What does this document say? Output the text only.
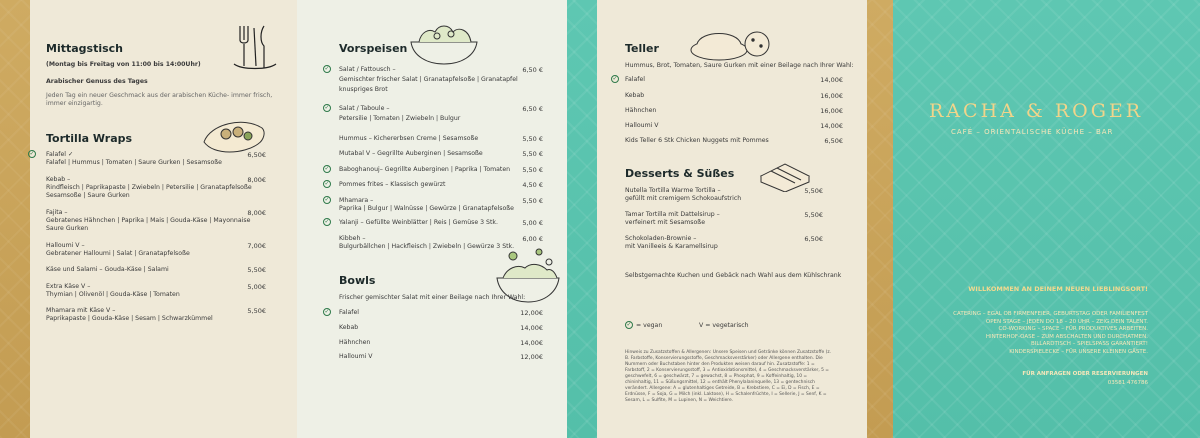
Mittagstisch
(Montag bis Freitag von 11:00 bis 14:00Uhr)
Arabischer Genuss des Tages
Jeden Tag ein neuer Geschmack aus der arabischen Küche- immer frisch,
immer einzigartig.
Tortilla Wraps
✓ Falafel ✓
Falafel | Hummus | Tomaten | Saure Gurken | Sesamsoße
6,50€
Kebab –
Rindfleisch | Paprikapaste | Zwiebeln | Petersilie | Granatapfelsoße
Sesamsoße | Saure Gurken
8,00€
Fajita –
Gebratenes Hähnchen | Paprika | Mais | Gouda-Käse | Mayonnaise
Saure Gurken
8,00€
Halloumi V –
Gebratener Halloumi | Salat | Granatapfelsoße
7,00€
Käse und Salami – Gouda-Käse | Salami	5,50€
Extra Käse V –
Thymian | Olivenöl | Gouda-Käse | Tomaten
5,00€
Mhamara mit Käse V –
Paprikapaste | Gouda-Käse | Sesam | Schwarzkümmel
5,50€
Vorspeisen
✓ Salat / Fattousch –
Gemischter frischer Salat | Granatapfelsoße | Granatapfel
knuspriges Brot
6,50 €
✓ Salat / Taboule –
Petersilie | Tomaten | Zwiebeln | Bulgur
6,50 €
Hummus – Kichererbsen Creme | Sesamsoße	5,50 €
Mutabal V – Gegrillte Auberginen | Sesamsoße	5,50 €
✓ Baboghanouj– Gegrillte Auberginen | Paprika | Tomaten	5,50 €
✓ Pommes frites – Klassisch gewürzt	4,50 €
✓ Mhamara –
Paprika | Bulgur | Walnüsse | Gewürze | Granatapfelsoße
5,50 €
✓ Yalanji – Gefüllte Weinblätter | Reis | Gemüse 3 Stk.	5,00 €
Kibbeh –
Bulgurbällchen | Hackfleisch | Zwiebeln | Gewürze 3 Stk.
6,00 €
Bowls
Frischer gemischter Salat mit einer Beilage nach Ihrer Wahl:
✓ Falafel	12,00€
Kebab	14,00€
Hähnchen	14,00€
Halloumi V	12,00€
Teller
Hummus, Brot, Tomaten, Saure Gurken mit einer Beilage nach Ihrer Wahl:
✓ Falafel	14,00€
Kebab	16,00€
Hähnchen	16,00€
Halloumi V	14,00€
Kids Teller 6 Stk Chicken Nuggets mit Pommes	6,50€
Desserts & Süßes
Nutella Tortilla Warme Tortilla –
gefüllt mit cremigem Schokoaufstrich
5,50€
Tamar Tortilla mit Dattelsirup –
verfeinert mit Sesamsoße
5,50€
Schokoladen-Brownie –
mit Vanilleeis & Karamellsirup
6,50€
Selbstgemachte Kuchen und Gebäck nach Wahl aus dem Kühlschrank
✓ = vegan	V = vegetarisch
Hinweis zu Zusatzstoffen & Allergenen: Unsere Speisen und Getränke können Zusatzstoffe (z. B. Farbstoffe, Konservierungsstoffe, Geschmacksverstärker) oder Allergene enthalten. Die Nummern oder Buchstaben hinter den Produkten weisen darauf hin. Zusatzstoffe: 1 = Farbstoff, 2 = Konservierungsstoff, 3 = Antioxidationsmittel, 4 = Geschmacksverstärker, 5 = geschwefelt, 6 = geschwärzt, 7 = gewachst, 8 = Phosphat, 9 = Koffeinhaltig, 10 = chininhaltig, 11 = Süßungsmittel, 12 = enthält Phenylalaninquelle, 13 = gentechnisch verändert. Allergene: A = glutenhaltiges Getreide, B = Krebstiere, C = Ei, D = Fisch, E = Erdnüsse, F = Soja, G = Milch (inkl. Laktose), H = Schalenfrüchte, I = Sellerie, J = Senf, K = Sesam, L = Sulfite, M = Lupinen, N = Weichtiere.
RACHA & ROGER
CAFÉ – ORIENTALISCHE KÜCHE – BAR
WILLKOMMEN AN DEINEM NEUEN LIEBLINGSORT!
CATERING – EGAL OB FIRMENFEIER, GEBURTSTAG ODER FAMILIENFEST
OPEN STAGE – JEDEN DO 18 – 20 UHR – ZEIG DEIN TALENT.
CO-WORKING – SPACE – FÜR PRODUKTIVES ARBEITEN.
HINTERHOF-OASE – ZUM ABSCHALTEN UND DURCHATMEN.
BILLARDTISCH – SPIELSPASS GARANTIERT!
KINDERSPIELECKE – FÜR UNSERE KLEINEN GÄSTE.
FÜR ANFRAGEN ODER RESERVIERUNGEN
03581 476786
